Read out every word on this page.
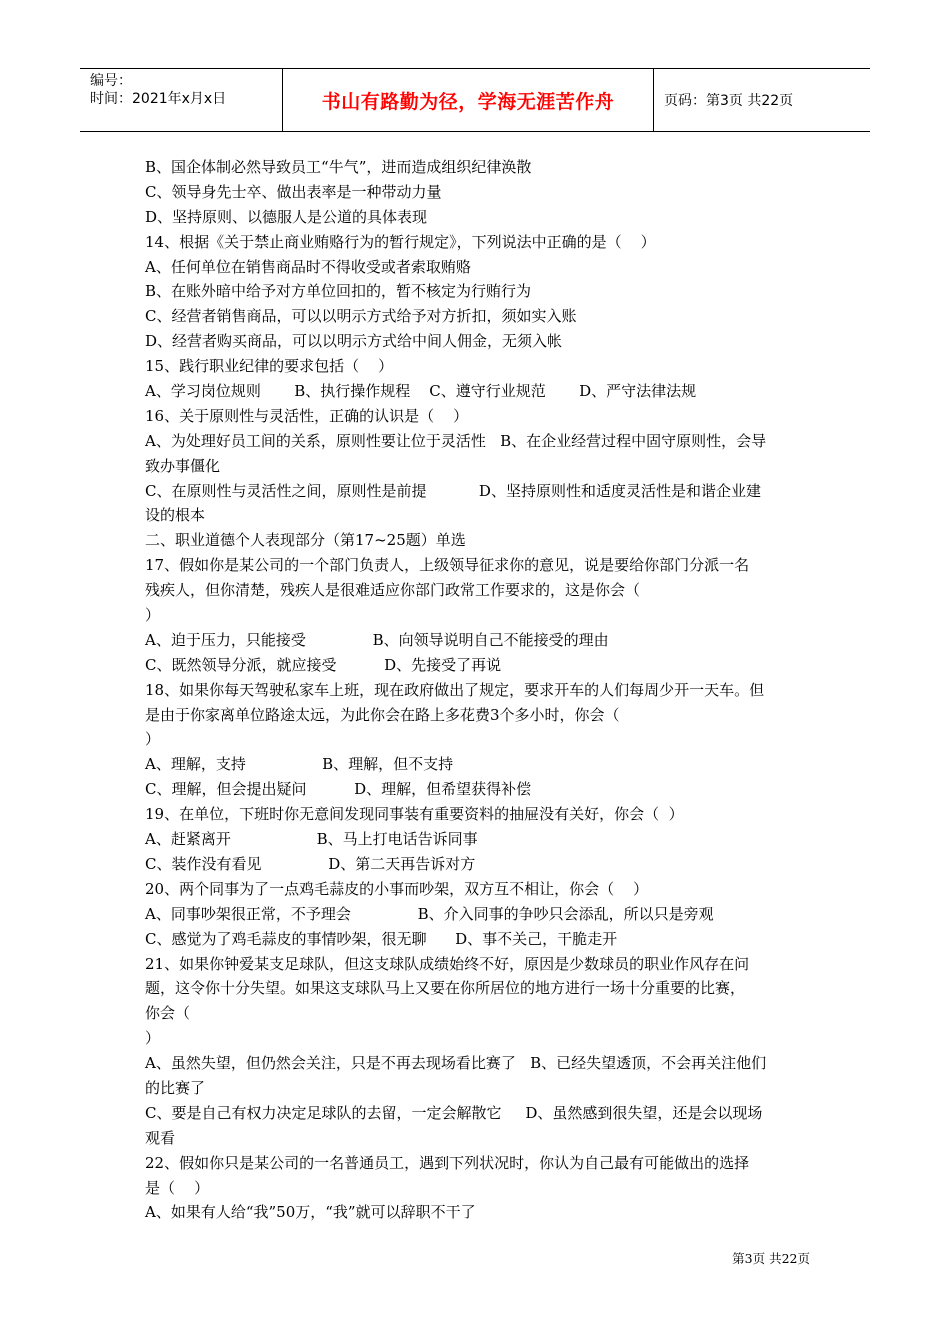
编号：
时间：2021年x月x日	书山有路勤为径，学海无涯苦作舟	页码：第3页 共22页
B、国企体制必然导致员工“牛气”，进而造成组织纪律涣散
C、领导身先士卒、做出表率是一种带动力量
D、坚持原则、以德服人是公道的具体表现
14、根据《关于禁止商业贿赂行为的暂行规定》，下列说法中正确的是（    ）
A、任何单位在销售商品时不得收受或者索取贿赂
B、在账外暗中给予对方单位回扣的，暂不核定为行贿行为
C、经营者销售商品，可以以明示方式给予对方折扣，须如实入账
D、经营者购买商品，可以以明示方式给中间人佣金，无须入帐
15、践行职业纪律的要求包括（    ）
A、学习岗位规则       B、执行操作规程    C、遵守行业规范       D、严守法律法规
16、关于原则性与灵活性，正确的认识是（    ）
A、为处理好员工间的关系，原则性要让位于灵活性   B、在企业经营过程中固守原则性，会导
致办事僵化
C、在原则性与灵活性之间，原则性是前提           D、坚持原则性和适度灵活性是和谐企业建
设的根本
二、职业道德个人表现部分（第17~25题）单选
17、假如你是某公司的一个部门负责人，上级领导征求你的意见，说是要给你部门分派一名
残疾人，但你清楚，残疾人是很难适应你部门政常工作要求的，这是你会（
）
A、迫于压力，只能接受              B、向领导说明自己不能接受的理由
C、既然领导分派，就应接受          D、先接受了再说
18、如果你每天驾驶私家车上班，现在政府做出了规定，要求开车的人们每周少开一天车。但
是由于你家离单位路途太远，为此你会在路上多花费3个多小时，你会（
）
A、理解，支持                B、理解，但不支持
C、理解，但会提出疑问          D、理解，但希望获得补偿
19、在单位，下班时你无意间发现同事装有重要资料的抽屉没有关好，你会（  ）
A、赶紧离开                  B、马上打电话告诉同事
C、装作没有看见              D、第二天再告诉对方
20、两个同事为了一点鸡毛蒜皮的小事而吵架，双方互不相让，你会（    ）
A、同事吵架很正常，不予理会              B、介入同事的争吵只会添乱，所以只是旁观
C、感觉为了鸡毛蒜皮的事情吵架，很无聊      D、事不关己，干脆走开
21、如果你钟爱某支足球队，但这支球队成绩始终不好，原因是少数球员的职业作风存在问
题，这令你十分失望。如果这支球队马上又要在你所居位的地方进行一场十分重要的比赛，
你会（
）
A、虽然失望，但仍然会关注，只是不再去现场看比赛了   B、已经失望透顶，不会再关注他们
的比赛了
C、要是自己有权力决定足球队的去留，一定会解散它     D、虽然感到很失望，还是会以现场
观看
22、假如你只是某公司的一名普通员工，遇到下列状况时，你认为自己最有可能做出的选择
是（    ）
A、如果有人给“我”50万，“我”就可以辞职不干了
第3页 共22页
